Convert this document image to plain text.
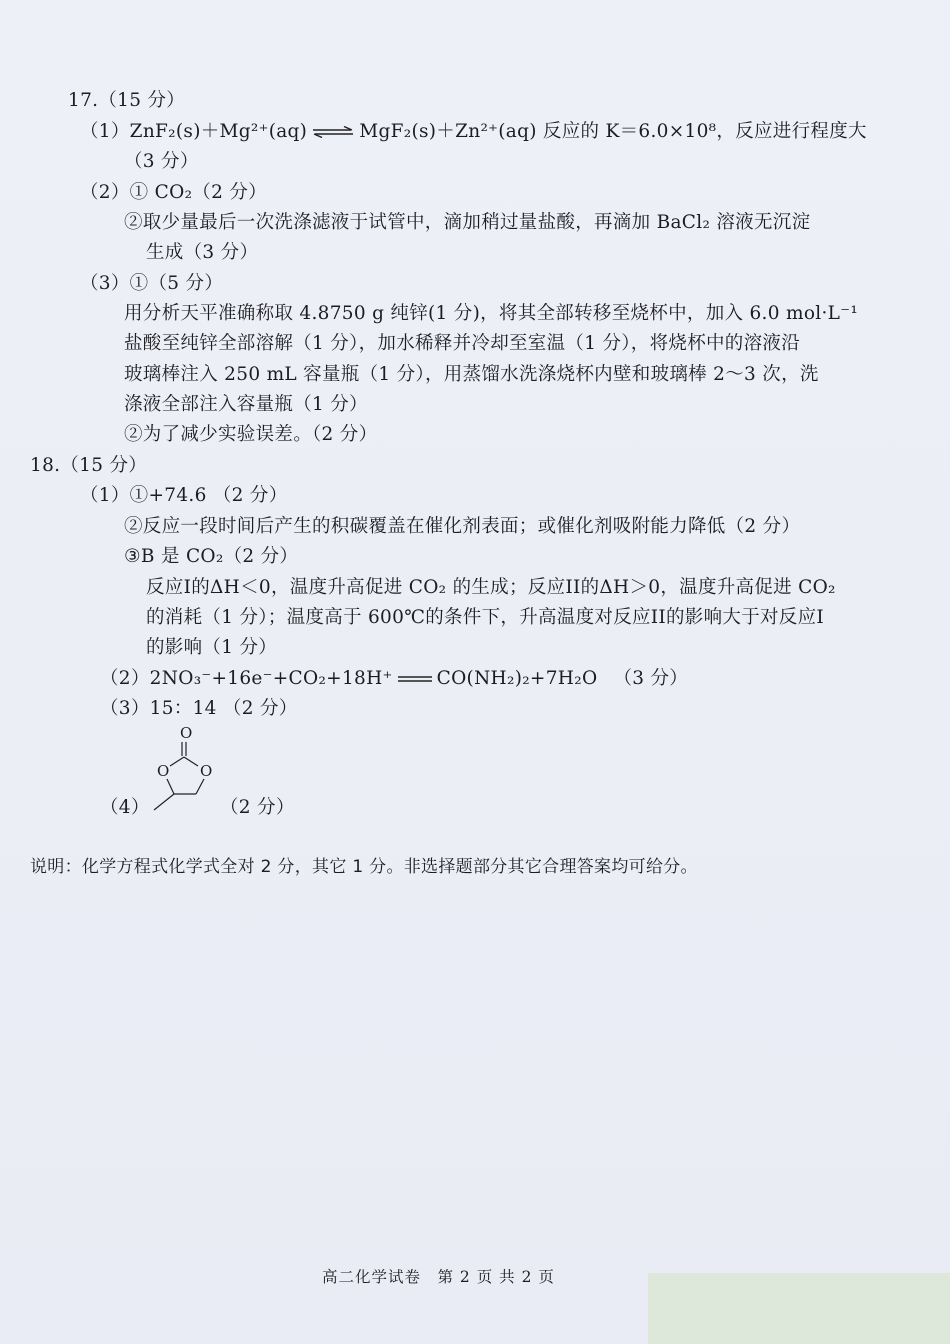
17.（15 分）
（1）ZnF₂(s)＋Mg²⁺(aq) ⇌ MgF₂(s)＋Zn²⁺(aq) 反应的 K＝6.0×10⁸，反应进行程度大
（3 分）
（2）① CO₂（2 分）
②取少量最后一次洗涤滤液于试管中，滴加稍过量盐酸，再滴加 BaCl₂ 溶液无沉淀
生成（3 分）
（3）①（5 分）
用分析天平准确称取 4.8750 g 纯锌(1 分)，将其全部转移至烧杯中，加入 6.0 mol·L⁻¹
盐酸至纯锌全部溶解（1 分），加水稀释并冷却至室温（1 分），将烧杯中的溶液沿
玻璃棒注入 250 mL 容量瓶（1 分），用蒸馏水洗涤烧杯内壁和玻璃棒 2～3 次，洗
涤液全部注入容量瓶（1 分）
②为了减少实验误差。（2 分）
18.（15 分）
（1）①+74.6 （2 分）
②反应一段时间后产生的积碳覆盖在催化剂表面；或催化剂吸附能力降低（2 分）
③B 是 CO₂（2 分）
反应I的ΔH＜0，温度升高促进 CO₂ 的生成；反应II的ΔH＞0，温度升高促进 CO₂
的消耗（1 分）；温度高于 600℃的条件下，升高温度对反应II的影响大于对反应I
的影响（1 分）
（2）2NO₃⁻+16e⁻+CO₂+18H⁺ CO(NH₂)₂+7H₂O （3 分）
（3）15：14 （2 分）
O
O O
（4）	（2 分）
说明：化学方程式化学式全对 2 分，其它 1 分。非选择题部分其它合理答案均可给分。
高二化学试卷　第 2 页 共 2 页
